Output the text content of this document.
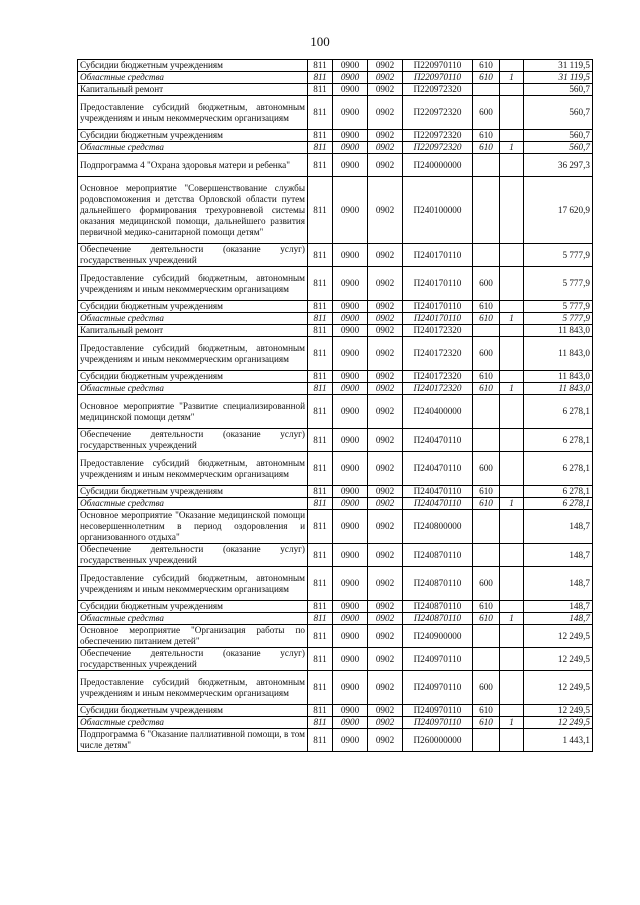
100
Субсидии бюджетным учреждениям	811	0900	0902	П220970110	610		31 119,5
Областные средства	811	0900	0902	П220970110	610	1	31 119,5
Капитальный ремонт	811	0900	0902	П220972320			560,7
Предоставление субсидий бюджетным, автономным учреждениям и иным некоммерческим организациям	811	0900	0902	П220972320	600		560,7
Субсидии бюджетным учреждениям	811	0900	0902	П220972320	610		560,7
Областные средства	811	0900	0902	П220972320	610	1	560,7
Подпрограмма 4 "Охрана здоровья матери и ребенка"	811	0900	0902	П240000000			36 297,3
Основное мероприятие "Совершенствование службы родовспоможения и детства Орловской области путем дальнейшего формирования трехуровневой системы оказания медицинской помощи, дальнейшего развития первичной медико-санитарной помощи детям"	811	0900	0902	П240100000			17 620,9
Обеспечение деятельности (оказание услуг) государственных учреждений	811	0900	0902	П240170110			5 777,9
Предоставление субсидий бюджетным, автономным учреждениям и иным некоммерческим организациям	811	0900	0902	П240170110	600		5 777,9
Субсидии бюджетным учреждениям	811	0900	0902	П240170110	610		5 777,9
Областные средства	811	0900	0902	П240170110	610	1	5 777,9
Капитальный ремонт	811	0900	0902	П240172320			11 843,0
Предоставление субсидий бюджетным, автономным учреждениям и иным некоммерческим организациям	811	0900	0902	П240172320	600		11 843,0
Субсидии бюджетным учреждениям	811	0900	0902	П240172320	610		11 843,0
Областные средства	811	0900	0902	П240172320	610	1	11 843,0
Основное мероприятие "Развитие специализированной медицинской помощи детям"	811	0900	0902	П240400000			6 278,1
Обеспечение деятельности (оказание услуг) государственных учреждений	811	0900	0902	П240470110			6 278,1
Предоставление субсидий бюджетным, автономным учреждениям и иным некоммерческим организациям	811	0900	0902	П240470110	600		6 278,1
Субсидии бюджетным учреждениям	811	0900	0902	П240470110	610		6 278,1
Областные средства	811	0900	0902	П240470110	610	1	6 278,1
Основное мероприятие "Оказание медицинской помощи несовершеннолетним в период оздоровления и организованного отдыха"	811	0900	0902	П240800000			148,7
Обеспечение деятельности (оказание услуг) государственных учреждений	811	0900	0902	П240870110			148,7
Предоставление субсидий бюджетным, автономным учреждениям и иным некоммерческим организациям	811	0900	0902	П240870110	600		148,7
Субсидии бюджетным учреждениям	811	0900	0902	П240870110	610		148,7
Областные средства	811	0900	0902	П240870110	610	1	148,7
Основное мероприятие "Организация работы по обеспечению питанием детей"	811	0900	0902	П240900000			12 249,5
Обеспечение деятельности (оказание услуг) государственных учреждений	811	0900	0902	П240970110			12 249,5
Предоставление субсидий бюджетным, автономным учреждениям и иным некоммерческим организациям	811	0900	0902	П240970110	600		12 249,5
Субсидии бюджетным учреждениям	811	0900	0902	П240970110	610		12 249,5
Областные средства	811	0900	0902	П240970110	610	1	12 249,5
Подпрограмма 6 "Оказание паллиативной помощи, в том числе детям"	811	0900	0902	П260000000			1 443,1
